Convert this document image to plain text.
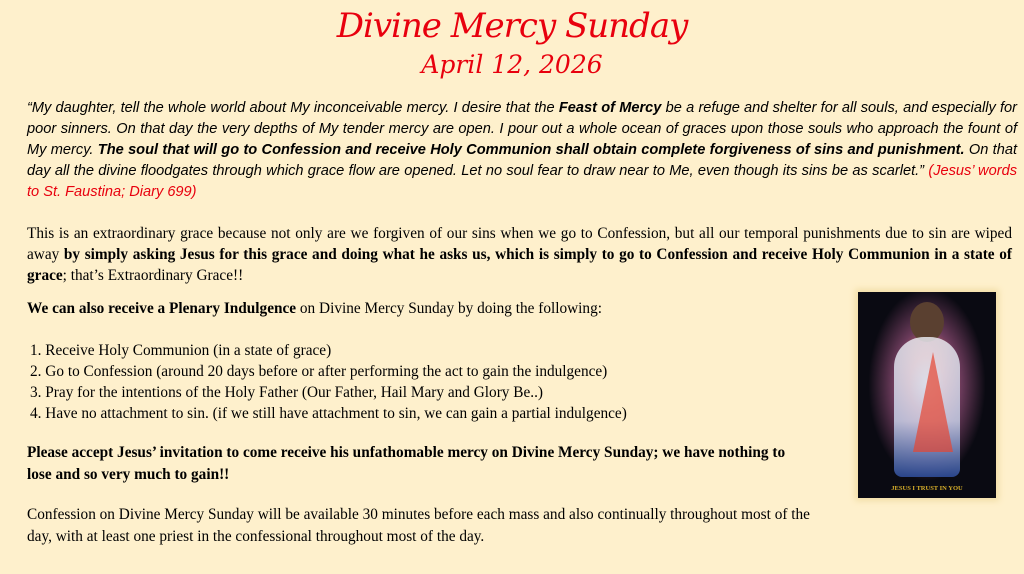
Divine Mercy Sunday
April 12, 2026

“My daughter, tell the whole world about My inconceivable mercy. I desire that the Feast of Mercy be a refuge and shelter for all souls, and especially for poor sinners. On that day the very depths of My tender mercy are open. I pour out a whole ocean of graces upon those souls who approach the fount of My mercy. The soul that will go to Confession and receive Holy Communion shall obtain complete forgiveness of sins and punishment. On that day all the divine floodgates through which grace flow are opened. Let no soul fear to draw near to Me, even though its sins be as scarlet.” (Jesus’ words to St. Faustina; Diary 699)

This is an extraordinary grace because not only are we forgiven of our sins when we go to Confession, but all our temporal punishments due to sin are wiped away by simply asking Jesus for this grace and doing what he asks us, which is simply to go to Confession and receive Holy Communion in a state of grace; that’s Extraordinary Grace!!

We can also receive a Plenary Indulgence on Divine Mercy Sunday by doing the following:

1. Receive Holy Communion (in a state of grace)
2. Go to Confession (around 20 days before or after performing the act to gain the indulgence)
3. Pray for the intentions of the Holy Father (Our Father, Hail Mary and Glory Be..)
4. Have no attachment to sin. (if we still have attachment to sin, we can gain a partial indulgence)

Please accept Jesus’ invitation to come receive his unfathomable mercy on Divine Mercy Sunday; we have nothing to lose and so very much to gain!!

Confession on Divine Mercy Sunday will be available 30 minutes before each mass and also continually throughout most of the day, with at least one priest in the confessional throughout most of the day.

JESUS I TRUST IN YOU
